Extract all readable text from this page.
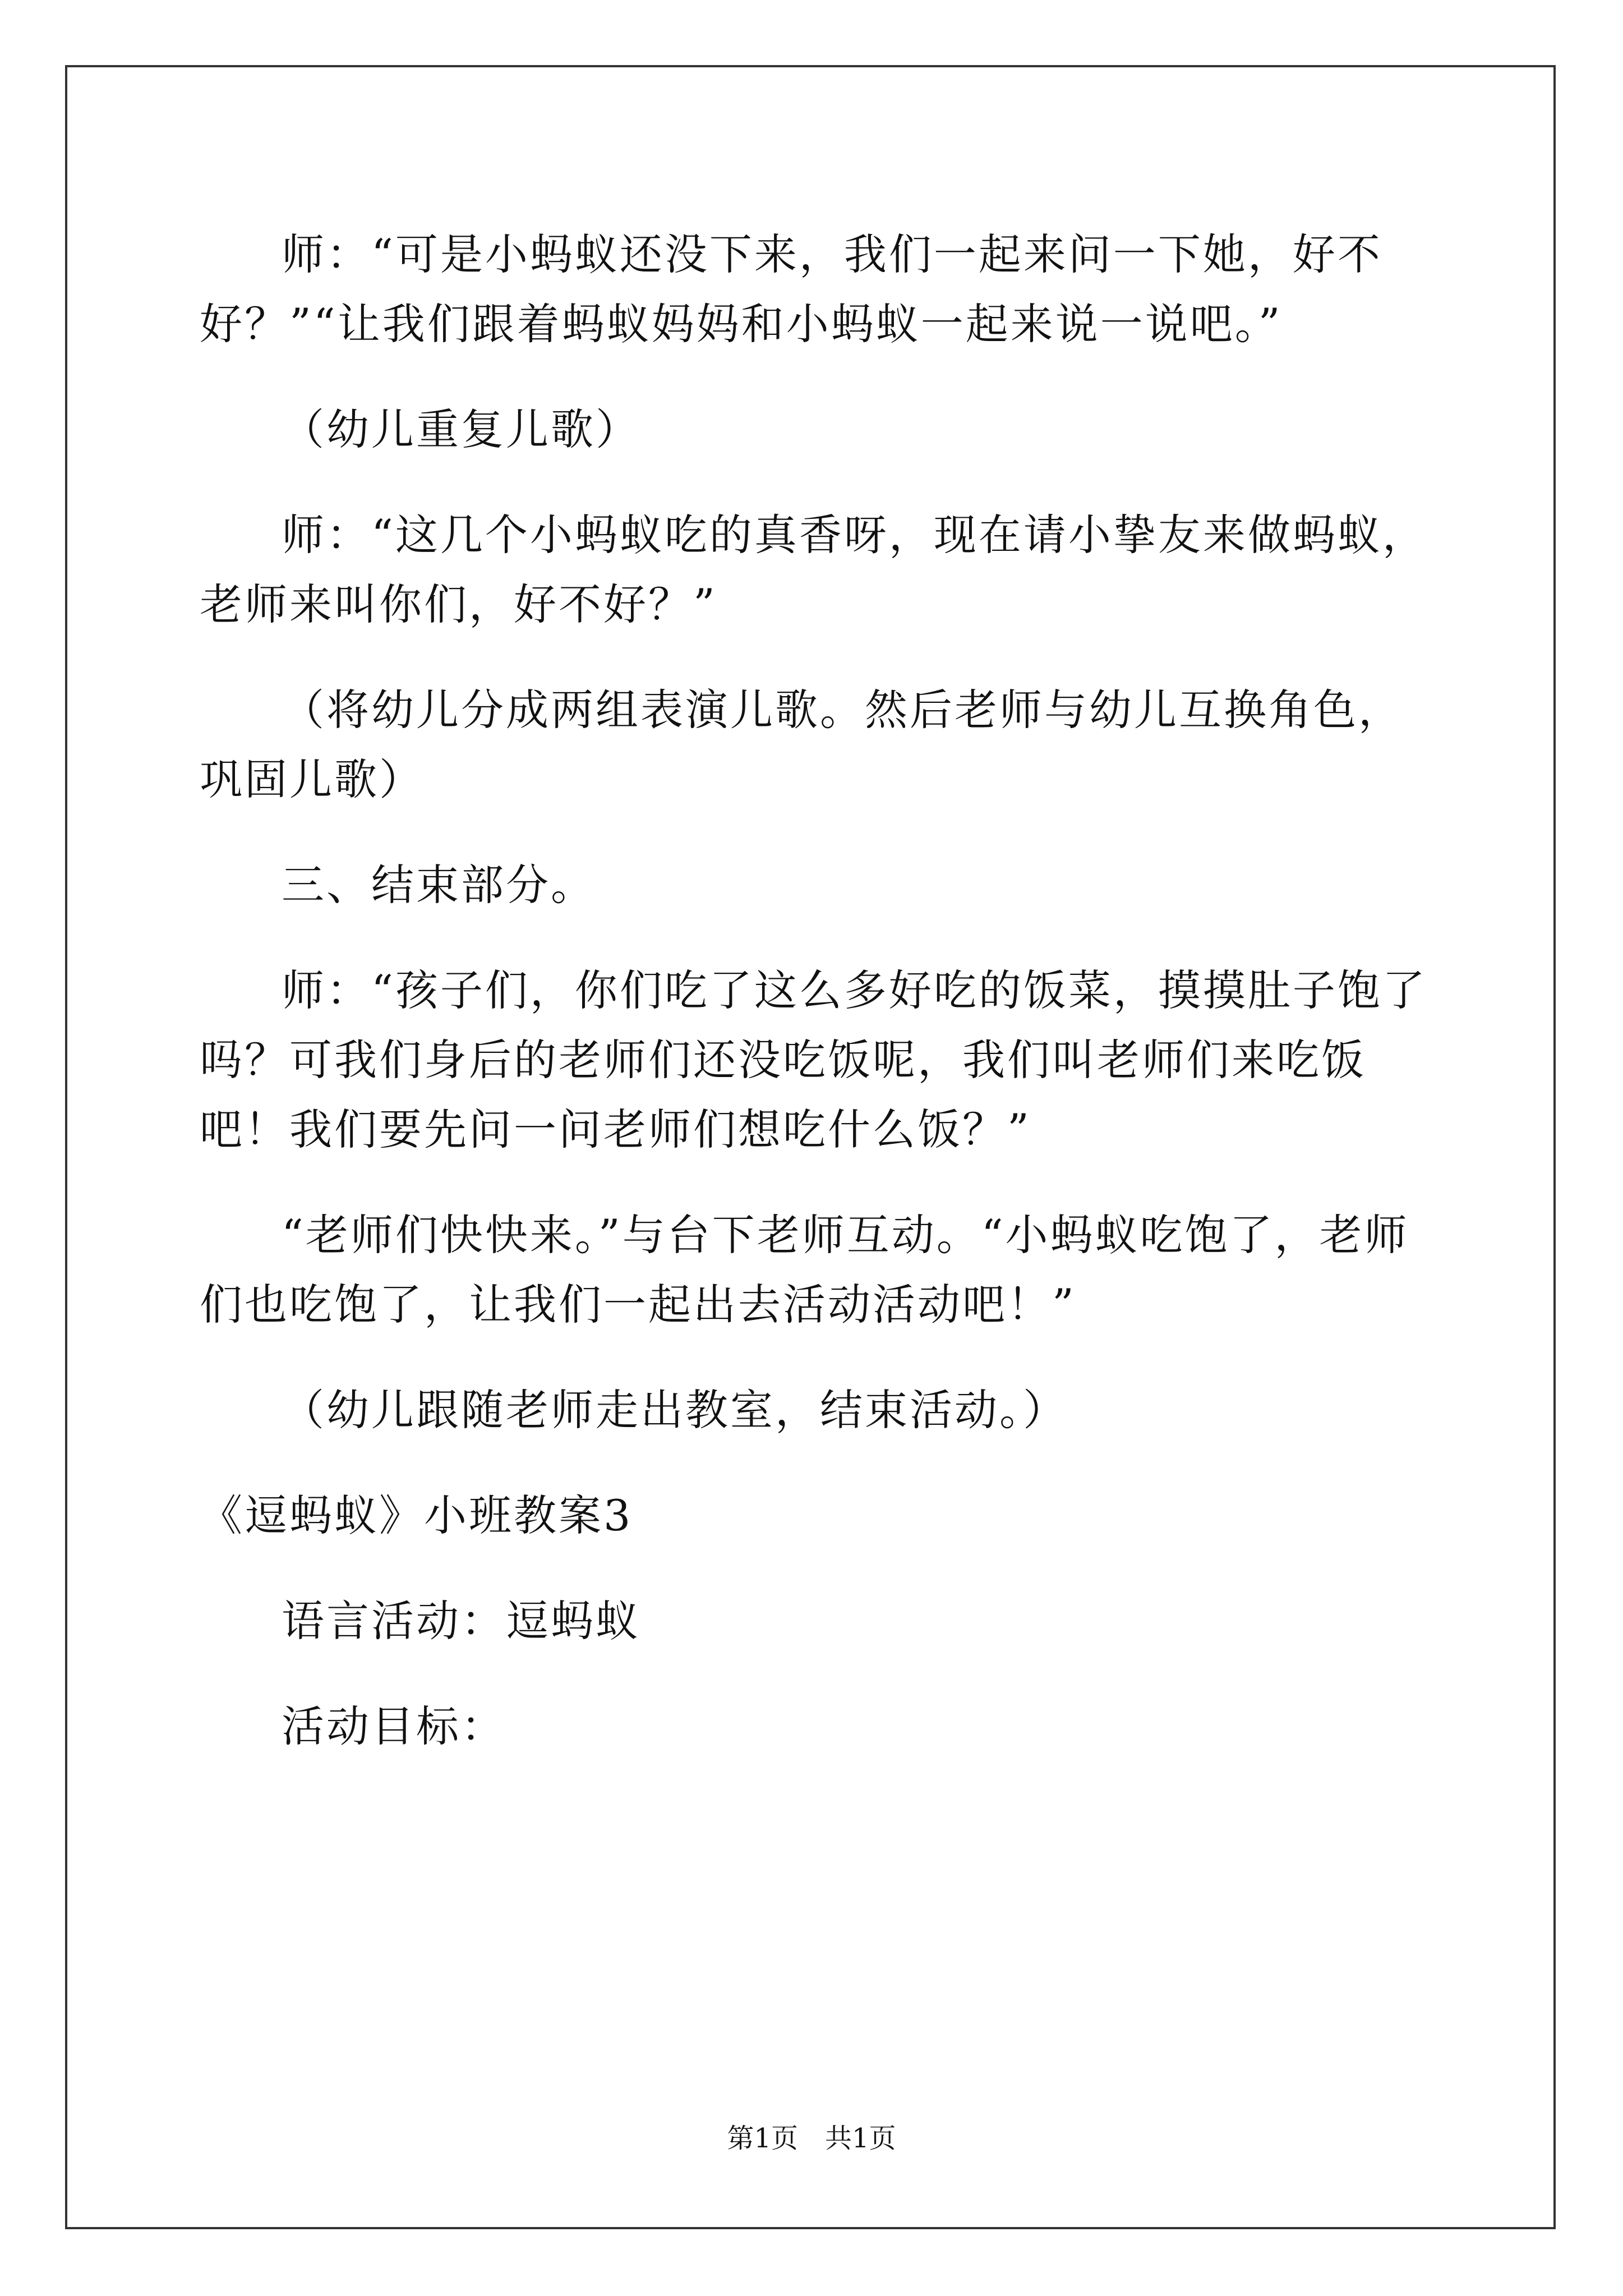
师：“可是小蚂蚁还没下来，我们一起来问一下她，好不好？”“让我们跟着蚂蚁妈妈和小蚂蚁一起来说一说吧。”

（幼儿重复儿歌）

师：“这几个小蚂蚁吃的真香呀，现在请小挚友来做蚂蚁，老师来叫你们，好不好？”

（将幼儿分成两组表演儿歌。然后老师与幼儿互换角色，巩固儿歌）

三、结束部分。

师：“孩子们，你们吃了这么多好吃的饭菜，摸摸肚子饱了吗？可我们身后的老师们还没吃饭呢，我们叫老师们来吃饭吧！我们要先问一问老师们想吃什么饭？”

“老师们快快来。”与台下老师互动。“小蚂蚁吃饱了，老师们也吃饱了，让我们一起出去活动活动吧！”

（幼儿跟随老师走出教室，结束活动。）

《逗蚂蚁》小班教案3

语言活动：逗蚂蚁

活动目标：

第1页　共1页
